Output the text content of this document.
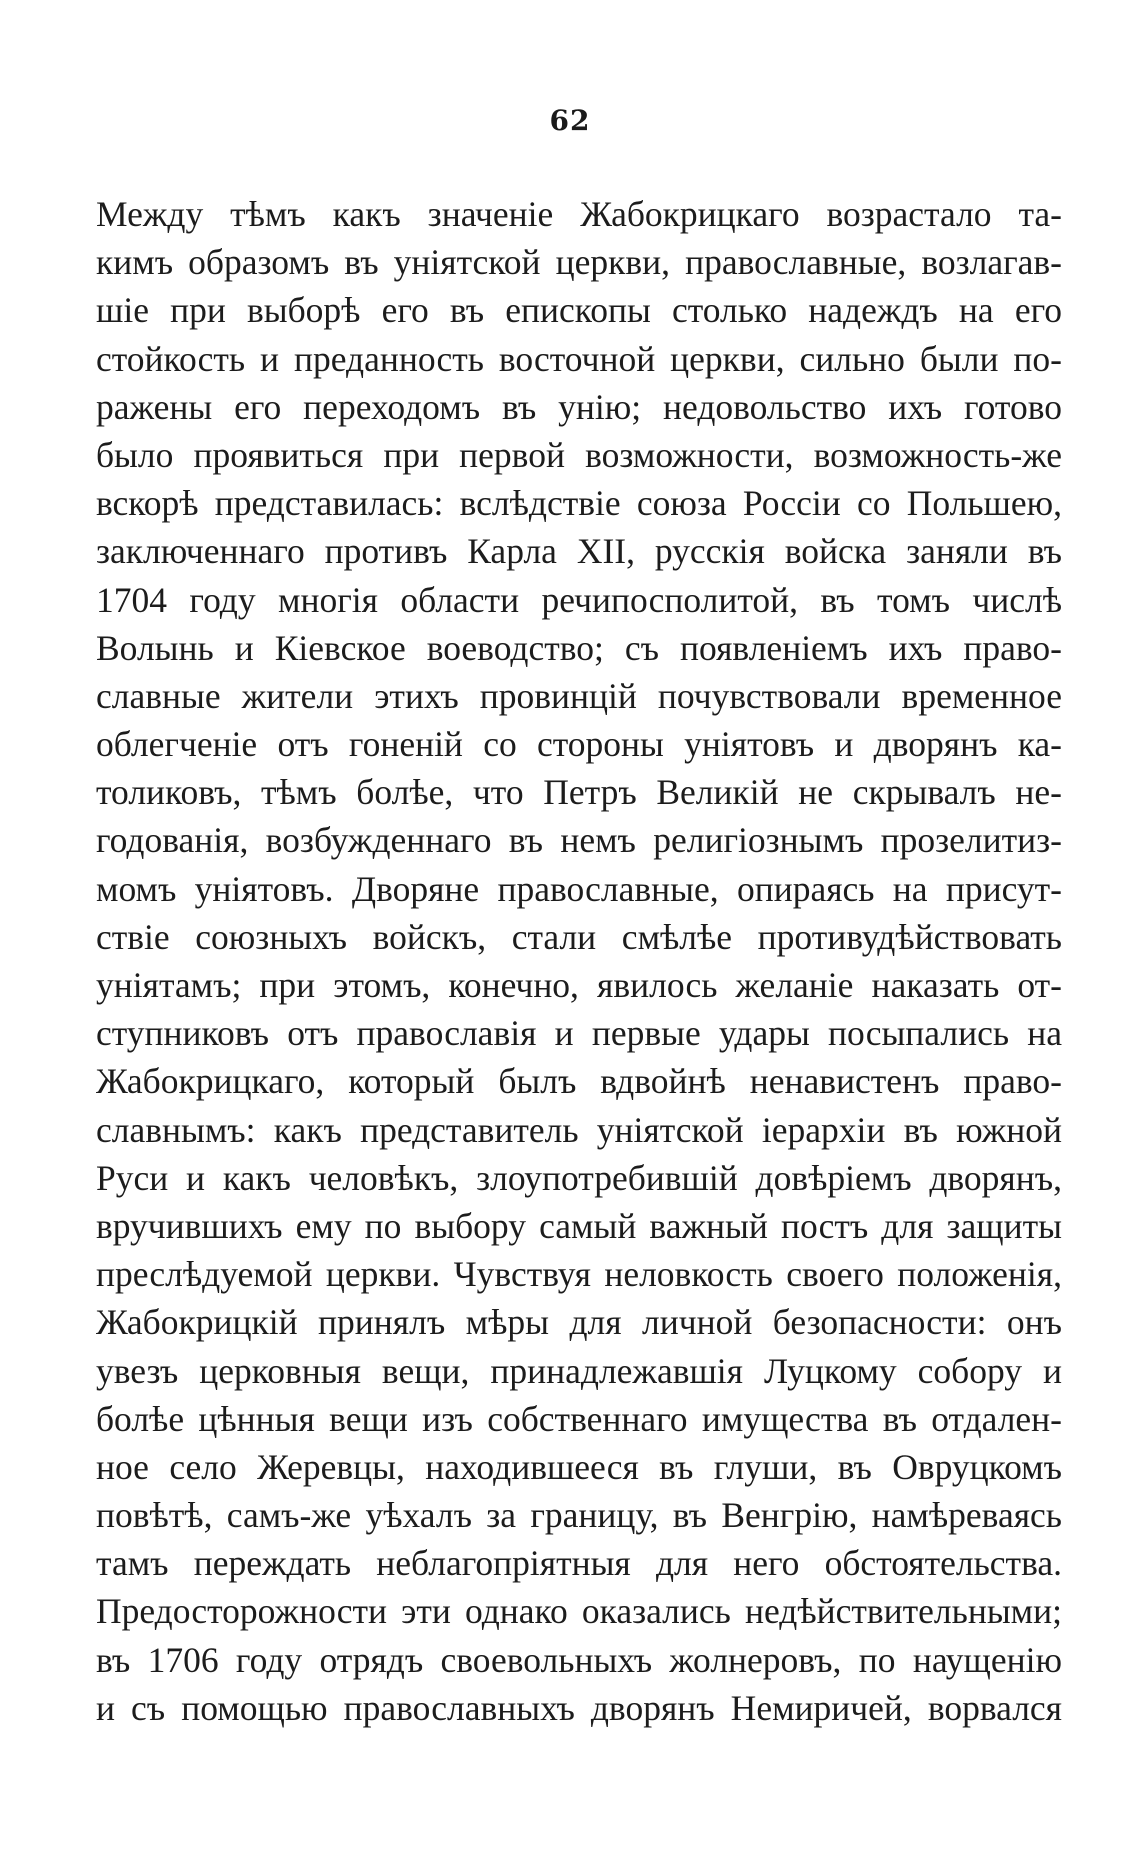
62
Между тѣмъ какъ значенiе Жабокрицкаго возрастало та-
кимъ образомъ въ унiятской церкви, православные, возлагав-
шiе при выборѣ его въ епископы столько надеждъ на его
стойкость и преданность восточной церкви, сильно были по-
ражены его переходомъ въ унiю; недовольство ихъ готово
было проявиться при первой возможности, возможность-же
вскорѣ представилась: вслѣдствiе союза Россiи со Польшею,
заключеннаго противъ Карла XII, русскiя войска заняли въ
1704 году многiя области речипосполитой, въ томъ числѣ
Волынь и Кiевское воеводство; съ появленiемъ ихъ право-
славные жители этихъ провинцiй почувствовали временное
облегченiе отъ гоненiй со стороны унiятовъ и дворянъ ка-
толиковъ, тѣмъ болѣе, что Петръ Великiй не скрывалъ не-
годованiя, возбужденнаго въ немъ религiознымъ прозелитиз-
момъ унiятовъ. Дворяне православные, опираясь на присут-
ствiе союзныхъ войскъ, стали смѣлѣе противудѣйствовать
унiятамъ; при этомъ, конечно, явилось желанiе наказать от-
ступниковъ отъ православiя и первые удары посыпались на
Жабокрицкаго, который былъ вдвойнѣ ненавистенъ право-
славнымъ: какъ представитель унiятской iерархiи въ южной
Руси и какъ человѣкъ, злоупотребившiй довѣрiемъ дворянъ,
вручившихъ ему по выбору самый важный постъ для защиты
преслѣдуемой церкви. Чувствуя неловкость своего положенiя,
Жабокрицкiй принялъ мѣры для личной безопасности: онъ
увезъ церковныя вещи, принадлежавшiя Луцкому собору и
болѣе цѣнныя вещи изъ собственнаго имущества въ отдален-
ное село Жеревцы, находившееся въ глуши, въ Овруцкомъ
повѣтѣ, самъ-же уѣхалъ за границу, въ Венгрiю, намѣреваясь
тамъ переждать неблагопрiятныя для него обстоятельства.
Предосторожности эти однако оказались недѣйствительными;
въ 1706 году отрядъ своевольныхъ жолнеровъ, по наущенiю
и съ помощью православныхъ дворянъ Немиричей, ворвался
